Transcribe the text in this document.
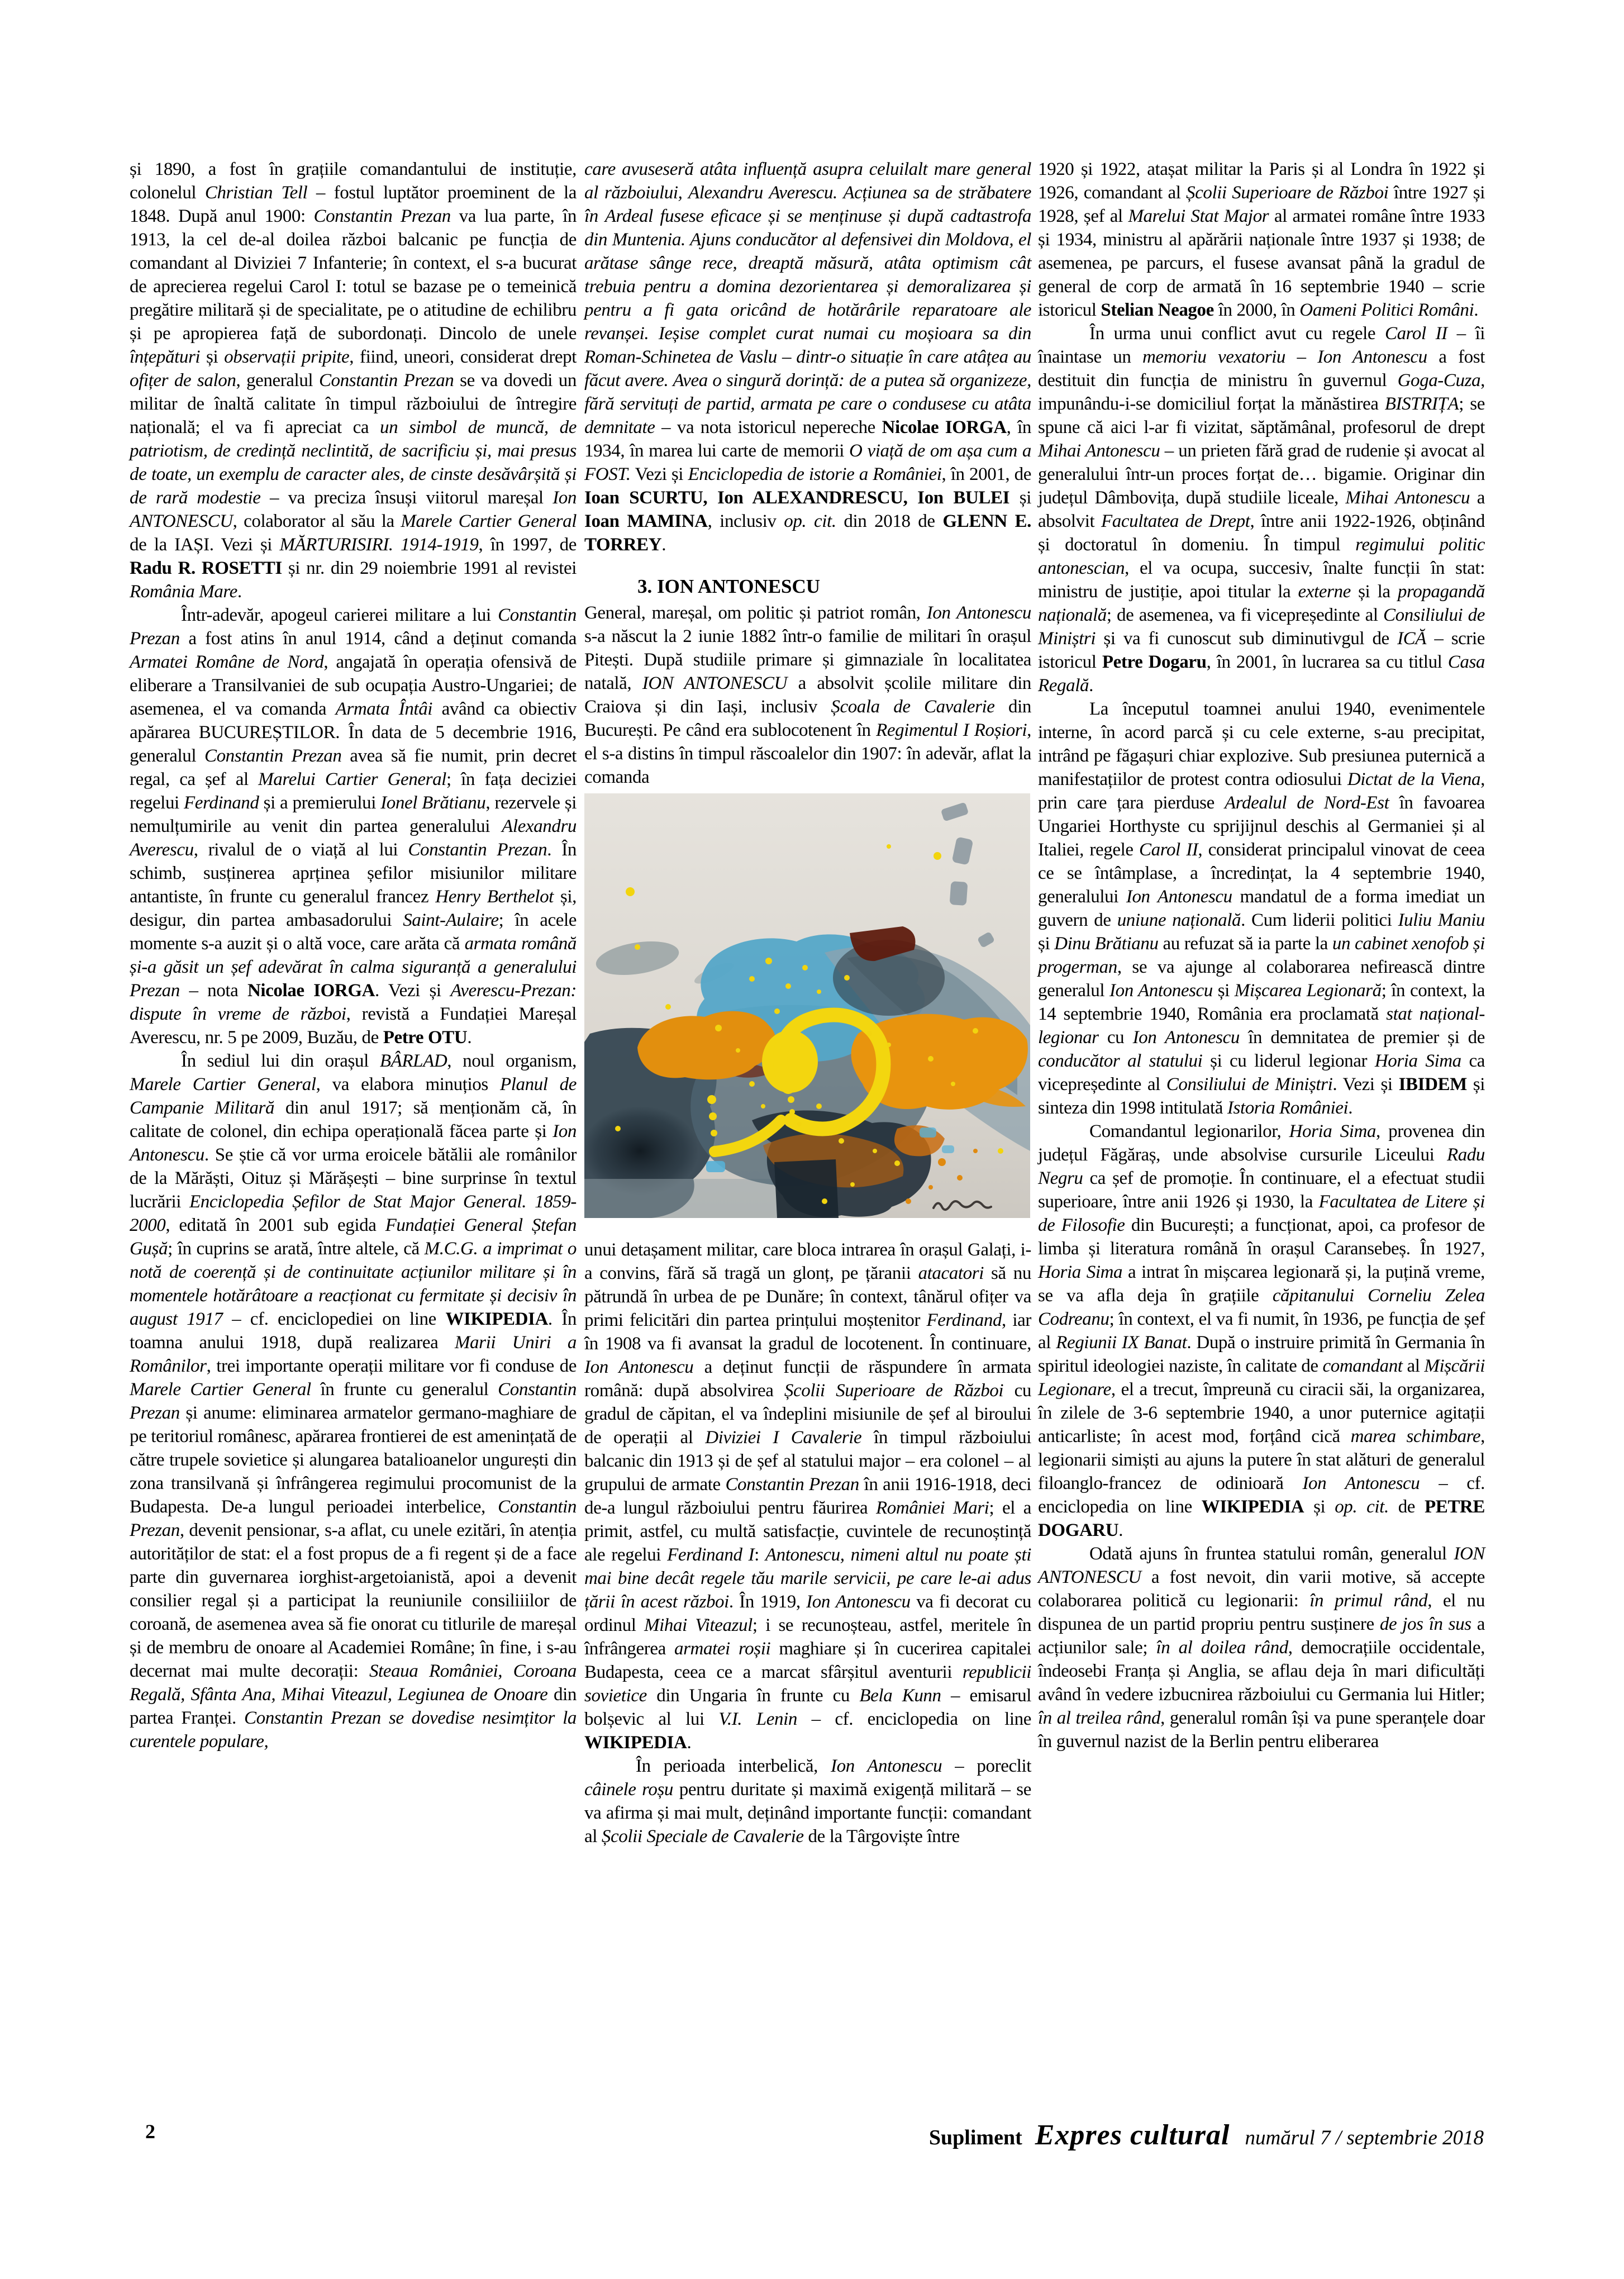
și 1890, a fost în grațiile comandantului de instituție, colonelul Christian Tell – fostul luptător proeminent de la 1848. După anul 1900: Constantin Prezan va lua parte, în 1913, la cel de-al doilea război balcanic pe funcția de comandant al Diviziei 7 Infanterie; în context, el s-a bucurat de aprecierea regelui Carol I: totul se bazase pe o temeinică pregătire militară și de specialitate, pe o atitudine de echilibru și pe apropierea față de subordonați. Dincolo de unele înțepături și observații pripite, fiind, uneori, considerat drept ofițer de salon, generalul Constantin Prezan se va dovedi un militar de înaltă calitate în timpul războiului de întregire națională; el va fi apreciat ca un simbol de muncă, de patriotism, de credință neclintită, de sacrificiu și, mai presus de toate, un exemplu de caracter ales, de cinste desăvârșită și de rară modestie – va preciza însuși viitorul mareșal Ion ANTONESCU, colaborator al său la Marele Cartier General de la IAȘI. Vezi și MĂRTURISIRI. 1914-1919, în 1997, de Radu R. ROSETTI și nr. din 29 noiembrie 1991 al revistei România Mare.

Într-adevăr, apogeul carierei militare a lui Constantin Prezan a fost atins în anul 1914, când a deținut comanda Armatei Române de Nord, angajată în operația ofensivă de eliberare a Transilvaniei de sub ocupația Austro-Ungariei; de asemenea, el va comanda Armata Întâi având ca obiectiv apărarea BUCUREȘTILOR. În data de 5 decembrie 1916, generalul Constantin Prezan avea să fie numit, prin decret regal, ca șef al Marelui Cartier General; în fața deciziei regelui Ferdinand și a premierului Ionel Brătianu, rezervele și nemulțumirile au venit din partea generalului Alexandru Averescu, rivalul de o viață al lui Constantin Prezan. În schimb, susținerea aprținea șefilor misiunilor militare antantiste, în frunte cu generalul francez Henry Berthelot și, desigur, din partea ambasadorului Saint-Aulaire; în acele momente s-a auzit și o altă voce, care arăta că armata română și-a găsit un șef adevărat în calma siguranță a generalului Prezan – nota Nicolae IORGA. Vezi și Averescu-Prezan: dispute în vreme de război, revistă a Fundației Mareșal Averescu, nr. 5 pe 2009, Buzău, de Petre OTU.

În sediul lui din orașul BÂRLAD, noul organism, Marele Cartier General, va elabora minuțios Planul de Campanie Militară din anul 1917; să menționăm că, în calitate de colonel, din echipa operațională făcea parte și Ion Antonescu. Se știe că vor urma eroicele bătălii ale românilor de la Mărăști, Oituz și Mărășești – bine surprinse în textul lucrării Enciclopedia Șefilor de Stat Major General. 1859-2000, editată în 2001 sub egida Fundației General Ștefan Gușă; în cuprins se arată, între altele, că M.C.G. a imprimat o notă de coerență și de continuitate acțiunilor militare și în momentele hotărâtoare a reacționat cu fermitate și decisiv în august 1917 – cf. enciclopediei on line WIKIPEDIA. În toamna anului 1918, după realizarea Marii Uniri a Românilor, trei importante operații militare vor fi conduse de Marele Cartier General în frunte cu generalul Constantin Prezan și anume: eliminarea armatelor germano-maghiare de pe teritoriul românesc, apărarea frontierei de est amenințată de către trupele sovietice și alungarea batalioanelor ungurești din zona transilvană și înfrângerea regimului procomunist de la Budapesta. De-a lungul perioadei interbelice, Constantin Prezan, devenit pensionar, s-a aflat, cu unele ezitări, în atenția autorităților de stat: el a fost propus de a fi regent și de a face parte din guvernarea iorghist-argetoianistă, apoi a devenit consilier regal și a participat la reuniunile consiliiilor de coroană, de asemenea avea să fie onorat cu titlurile de mareșal și de membru de onoare al Academiei Române; în fine, i s-au decernat mai multe decorații: Steaua României, Coroana Regală, Sfânta Ana, Mihai Viteazul, Legiunea de Onoare din partea Franței. Constantin Prezan se dovedise nesimțitor la curentele populare,

care avuseseră atâta influență asupra celuilalt mare general al războiului, Alexandru Averescu. Acțiunea sa de străbatere în Ardeal fusese eficace și se menținuse și după cadtastrofa din Muntenia. Ajuns conducător al defensivei din Moldova, el arătase sânge rece, dreaptă măsură, atâta optimism cât trebuia pentru a domina dezorientarea și demoralizarea și pentru a fi gata oricând de hotărârile reparatoare ale revanșei. Ieșise complet curat numai cu moșioara sa din Roman-Schinetea de Vaslu – dintr-o situație în care atâțea au făcut avere. Avea o singură dorință: de a putea să organizeze, fără servituți de partid, armata pe care o condusese cu atâta demnitate – va nota istoricul nepereche Nicolae IORGA, în 1934, în marea lui carte de memorii O viață de om așa cum a FOST. Vezi și Enciclopedia de istorie a României, în 2001, de Ioan SCURTU, Ion ALEXANDRESCU, Ion BULEI și Ioan MAMINA, inclusiv op. cit. din 2018 de GLENN E. TORREY.

3. ION ANTONESCU

General, mareșal, om politic și patriot român, Ion Antonescu s-a născut la 2 iunie 1882 într-o familie de militari în orașul Pitești. După studiile primare și gimnaziale în localitatea natală, ION ANTONESCU a absolvit școlile militare din Craiova și din Iași, inclusiv Școala de Cavalerie din București. Pe când era sublocotenent în Regimentul I Roșiori, el s-a distins în timpul răscoalelor din 1907: în adevăr, aflat la comanda

unui detașament militar, care bloca intrarea în orașul Galați, i-a convins, fără să tragă un glonț, pe țăranii atacatori să nu pătrundă în urbea de pe Dunăre; în context, tânărul ofițer va primi felicitări din partea prințului moștenitor Ferdinand, iar în 1908 va fi avansat la gradul de locotenent. În continuare, Ion Antonescu a deținut funcții de răspundere în armata română: după absolvirea Școlii Superioare de Război cu gradul de căpitan, el va îndeplini misiunile de șef al biroului de operații al Diviziei I Cavalerie în timpul războiului balcanic din 1913 și de șef al statului major – era colonel – al grupului de armate Constantin Prezan în anii 1916-1918, deci de-a lungul războiului pentru făurirea României Mari; el a primit, astfel, cu multă satisfacție, cuvintele de recunoștință ale regelui Ferdinand I: Antonescu, nimeni altul nu poate ști mai bine decât regele tău marile servicii, pe care le-ai adus țării în acest război. În 1919, Ion Antonescu va fi decorat cu ordinul Mihai Viteazul; i se recunoșteau, astfel, meritele în înfrângerea armatei roșii maghiare și în cucerirea capitalei Budapesta, ceea ce a marcat sfârșitul aventurii republicii sovietice din Ungaria în frunte cu Bela Kunn – emisarul bolșevic al lui V.I. Lenin – cf. enciclopedia on line WIKIPEDIA.

În perioada interbelică, Ion Antonescu – poreclit câinele roșu pentru duritate și maximă exigență militară – se va afirma și mai mult, deținând importante funcții: comandant al Școlii Speciale de Cavalerie de la Târgoviște între

1920 și 1922, atașat militar la Paris și al Londra în 1922 și 1926, comandant al Școlii Superioare de Război între 1927 și 1928, șef al Marelui Stat Major al armatei române între 1933 și 1934, ministru al apărării naționale între 1937 și 1938; de asemenea, pe parcurs, el fusese avansat până la gradul de general de corp de armată în 16 septembrie 1940 – scrie istoricul Stelian Neagoe în 2000, în Oameni Politici Români.

În urma unui conflict avut cu regele Carol II – îi înaintase un memoriu vexatoriu – Ion Antonescu a fost destituit din funcția de ministru în guvernul Goga-Cuza, impunându-i-se domiciliul forțat la mănăstirea BISTRIȚA; se spune că aici l-ar fi vizitat, săptămânal, profesorul de drept Mihai Antonescu – un prieten fără grad de rudenie și avocat al generalului într-un proces forțat de… bigamie. Originar din județul Dâmbovița, după studiile liceale, Mihai Antonescu a absolvit Facultatea de Drept, între anii 1922-1926, obținând și doctoratul în domeniu. În timpul regimului politic antonescian, el va ocupa, succesiv, înalte funcții în stat: ministru de justiție, apoi titular la externe și la propagandă națională; de asemenea, va fi vicepreședinte al Consiliului de Miniștri și va fi cunoscut sub diminutivgul de ICĂ – scrie istoricul Petre Dogaru, în 2001, în lucrarea sa cu titlul Casa Regală.

La începutul toamnei anului 1940, evenimentele interne, în acord parcă și cu cele externe, s-au precipitat, intrând pe făgașuri chiar explozive. Sub presiunea puternică a manifestațiilor de protest contra odiosului Dictat de la Viena, prin care țara pierduse Ardealul de Nord-Est în favoarea Ungariei Horthyste cu sprijijnul deschis al Germaniei și al Italiei, regele Carol II, considerat principalul vinovat de ceea ce se întâmplase, a încredințat, la 4 septembrie 1940, generalului Ion Antonescu mandatul de a forma imediat un guvern de uniune națională. Cum liderii politici Iuliu Maniu și Dinu Brătianu au refuzat să ia parte la un cabinet xenofob și progerman, se va ajunge al colaborarea nefirească dintre generalul Ion Antonescu și Mișcarea Legionară; în context, la 14 septembrie 1940, România era proclamată stat național-legionar cu Ion Antonescu în demnitatea de premier și de conducător al statului și cu liderul legionar Horia Sima ca vicepreședinte al Consiliului de Miniștri. Vezi și IBIDEM și sinteza din 1998 intitulată Istoria României.

Comandantul legionarilor, Horia Sima, provenea din județul Făgăraș, unde absolvise cursurile Liceului Radu Negru ca șef de promoție. În continuare, el a efectuat studii superioare, între anii 1926 și 1930, la Facultatea de Litere și de Filosofie din București; a funcționat, apoi, ca profesor de limba și literatura română în orașul Caransebeș. În 1927, Horia Sima a intrat în mișcarea legionară și, la puțină vreme, se va afla deja în grațiile căpitanului Corneliu Zelea Codreanu; în context, el va fi numit, în 1936, pe funcția de șef al Regiunii IX Banat. După o instruire primită în Germania în spiritul ideologiei naziste, în calitate de comandant al Mișcării Legionare, el a trecut, împreună cu ciracii săi, la organizarea, în zilele de 3-6 septembrie 1940, a unor puternice agitații anticarliste; în acest mod, forțând cică marea schimbare, legionarii simiști au ajuns la putere în stat alături de generalul filoanglo-francez de odinioară Ion Antonescu – cf. enciclopedia on line WIKIPEDIA și op. cit. de PETRE DOGARU.

Odată ajuns în fruntea statului român, generalul ION ANTONESCU a fost nevoit, din varii motive, să accepte colaborarea politică cu legionarii: în primul rând, el nu dispunea de un partid propriu pentru susținere de jos în sus a acțiunilor sale; în al doilea rând, democrațiile occidentale, îndeosebi Franța și Anglia, se aflau deja în mari dificultăți având în vedere izbucnirea războiului cu Germania lui Hitler; în al treilea rând, generalul român își va pune speranțele doar în guvernul nazist de la Berlin pentru eliberarea

2	Supliment Expres cultural numărul 7 / septembrie 2018
